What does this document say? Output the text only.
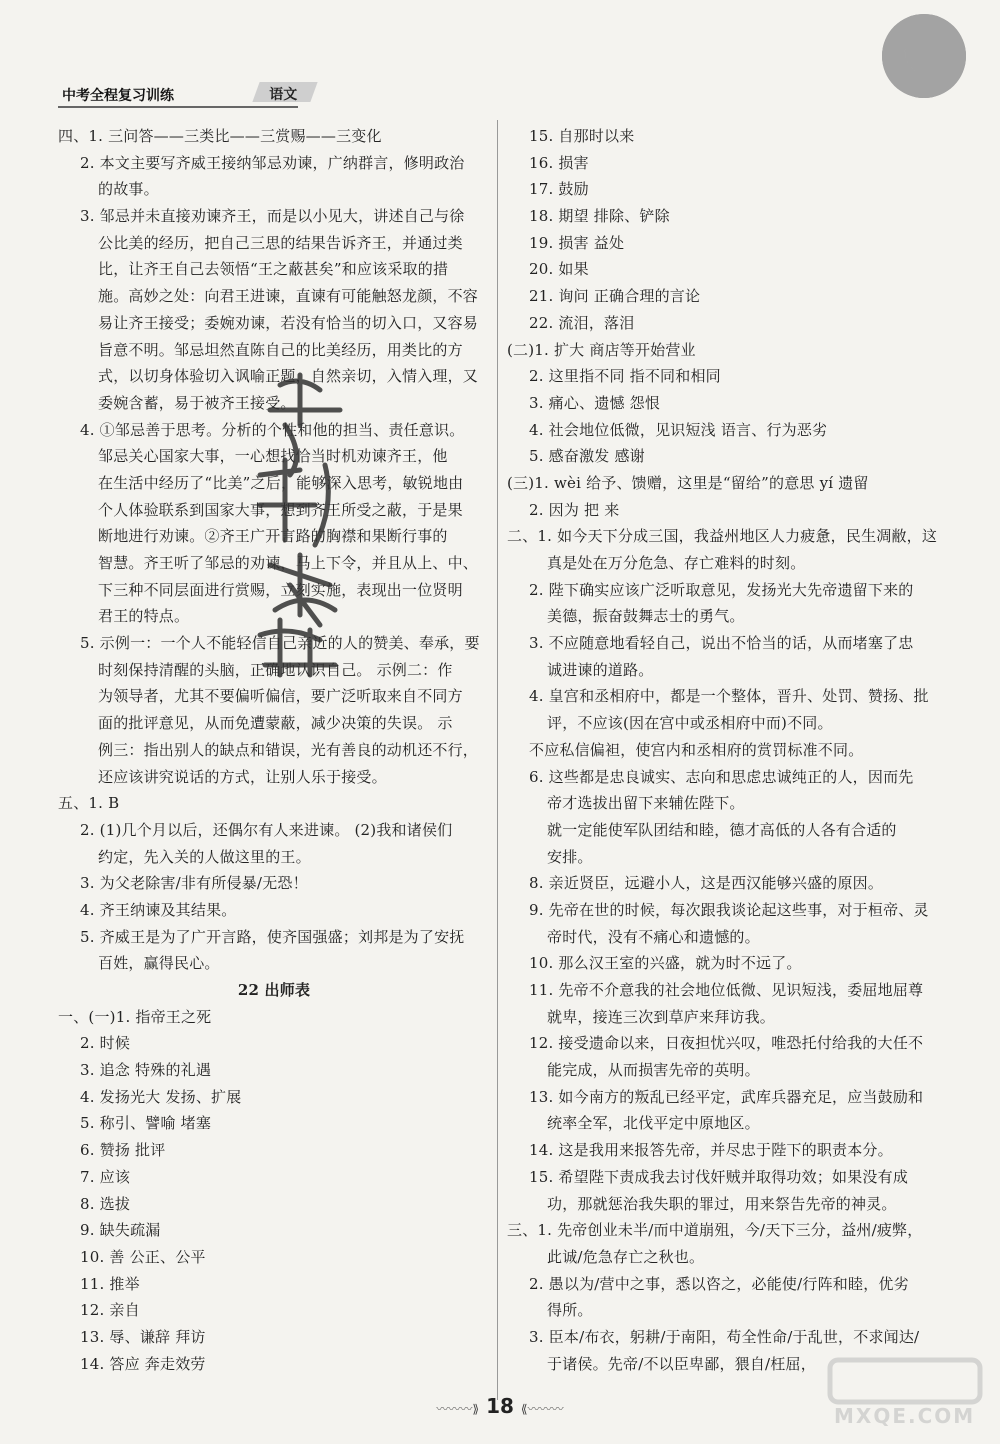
中考全程复习训练	语文
四、1. 三问答——三类比——三赏赐——三变化
2. 本文主要写齐威王接纳邹忌劝谏，广纳群言，修明政治
的故事。
3. 邹忌并未直接劝谏齐王，而是以小见大，讲述自己与徐
公比美的经历，把自己三思的结果告诉齐王，并通过类
比，让齐王自己去领悟“王之蔽甚矣”和应该采取的措
施。高妙之处：向君王进谏，直谏有可能触怒龙颜，不容
易让齐王接受；委婉劝谏，若没有恰当的切入口，又容易
旨意不明。邹忌坦然直陈自己的比美经历，用类比的方
式，以切身体验切入讽喻正题，自然亲切，入情入理，又
委婉含蓄，易于被齐王接受。
4. ①邹忌善于思考。分析的个性和他的担当、责任意识。
邹忌关心国家大事，一心想找恰当时机劝谏齐王，他
在生活中经历了“比美”之后，能够深入思考，敏锐地由
个人体验联系到国家大事，想到齐王所受之蔽，于是果
断地进行劝谏。②齐王广开言路的胸襟和果断行事的
智慧。齐王听了邹忌的劝谏，马上下令，并且从上、中、
下三种不同层面进行赏赐，立刻实施，表现出一位贤明
君王的特点。
5. 示例一：一个人不能轻信自己亲近的人的赞美、奉承，要
时刻保持清醒的头脑，正确地认识自己。 示例二：作
为领导者，尤其不要偏听偏信，要广泛听取来自不同方
面的批评意见，从而免遭蒙蔽，减少决策的失误。 示
例三：指出别人的缺点和错误，光有善良的动机还不行，
还应该讲究说话的方式，让别人乐于接受。
五、1. B
2. (1)几个月以后，还偶尔有人来进谏。 (2)我和诸侯们
约定，先入关的人做这里的王。
3. 为父老除害/非有所侵暴/无恐！
4. 齐王纳谏及其结果。
5. 齐威王是为了广开言路，使齐国强盛；刘邦是为了安抚
百姓，赢得民心。
22 出师表
一、(一)1. 指帝王之死
2. 时候
3. 追念 特殊的礼遇
4. 发扬光大 发扬、扩展
5. 称引、譬喻 堵塞
6. 赞扬 批评
7. 应该
8. 选拔
9. 缺失疏漏
10. 善 公正、公平
11. 推举
12. 亲自
13. 辱、谦辞 拜访
14. 答应 奔走效劳
15. 自那时以来
16. 损害
17. 鼓励
18. 期望 排除、铲除
19. 损害 益处
20. 如果
21. 询问 正确合理的言论
22. 流泪，落泪
(二)1. 扩大 商店等开始营业
2. 这里指不同 指不同和相同
3. 痛心、遗憾 怨恨
4. 社会地位低微，见识短浅 语言、行为恶劣
5. 感奋激发 感谢
(三)1. wèi 给予、馈赠，这里是“留给”的意思 yí 遗留
2. 因为 把 来
二、1. 如今天下分成三国，我益州地区人力疲惫，民生凋敝，这
真是处在万分危急、存亡难料的时刻。
2. 陛下确实应该广泛听取意见，发扬光大先帝遗留下来的
美德，振奋鼓舞志士的勇气。
3. 不应随意地看轻自己，说出不恰当的话，从而堵塞了忠
诚进谏的道路。
4. 皇宫和丞相府中，都是一个整体，晋升、处罚、赞扬、批
评，不应该(因在宫中或丞相府中而)不同。
不应私信偏袒，使宫内和丞相府的赏罚标准不同。
6. 这些都是忠良诚实、志向和思虑忠诚纯正的人，因而先
帝才选拔出留下来辅佐陛下。
就一定能使军队团结和睦，德才高低的人各有合适的
安排。
8. 亲近贤臣，远避小人，这是西汉能够兴盛的原因。
9. 先帝在世的时候，每次跟我谈论起这些事，对于桓帝、灵
帝时代，没有不痛心和遗憾的。
10. 那么汉王室的兴盛，就为时不远了。
11. 先帝不介意我的社会地位低微、见识短浅，委屈地屈尊
就卑，接连三次到草庐来拜访我。
12. 接受遗命以来，日夜担忧兴叹，唯恐托付给我的大任不
能完成，从而损害先帝的英明。
13. 如今南方的叛乱已经平定，武库兵器充足，应当鼓励和
统率全军，北伐平定中原地区。
14. 这是我用来报答先帝，并尽忠于陛下的职责本分。
15. 希望陛下责成我去讨伐奸贼并取得功效；如果没有成
功，那就惩治我失职的罪过，用来祭告先帝的神灵。
三、1. 先帝创业未半/而中道崩殂，今/天下三分，益州/疲弊，
此诚/危急存亡之秋也。
2. 愚以为/营中之事，悉以咨之，必能使/行阵和睦，优劣
得所。
3. 臣本/布衣，躬耕/于南阳，苟全性命/于乱世，不求闻达/
于诸侯。先帝/不以臣卑鄙，猥自/枉屈，
〰〰〰⟫ 18 ⟪〰〰〰	MXQE.COM
